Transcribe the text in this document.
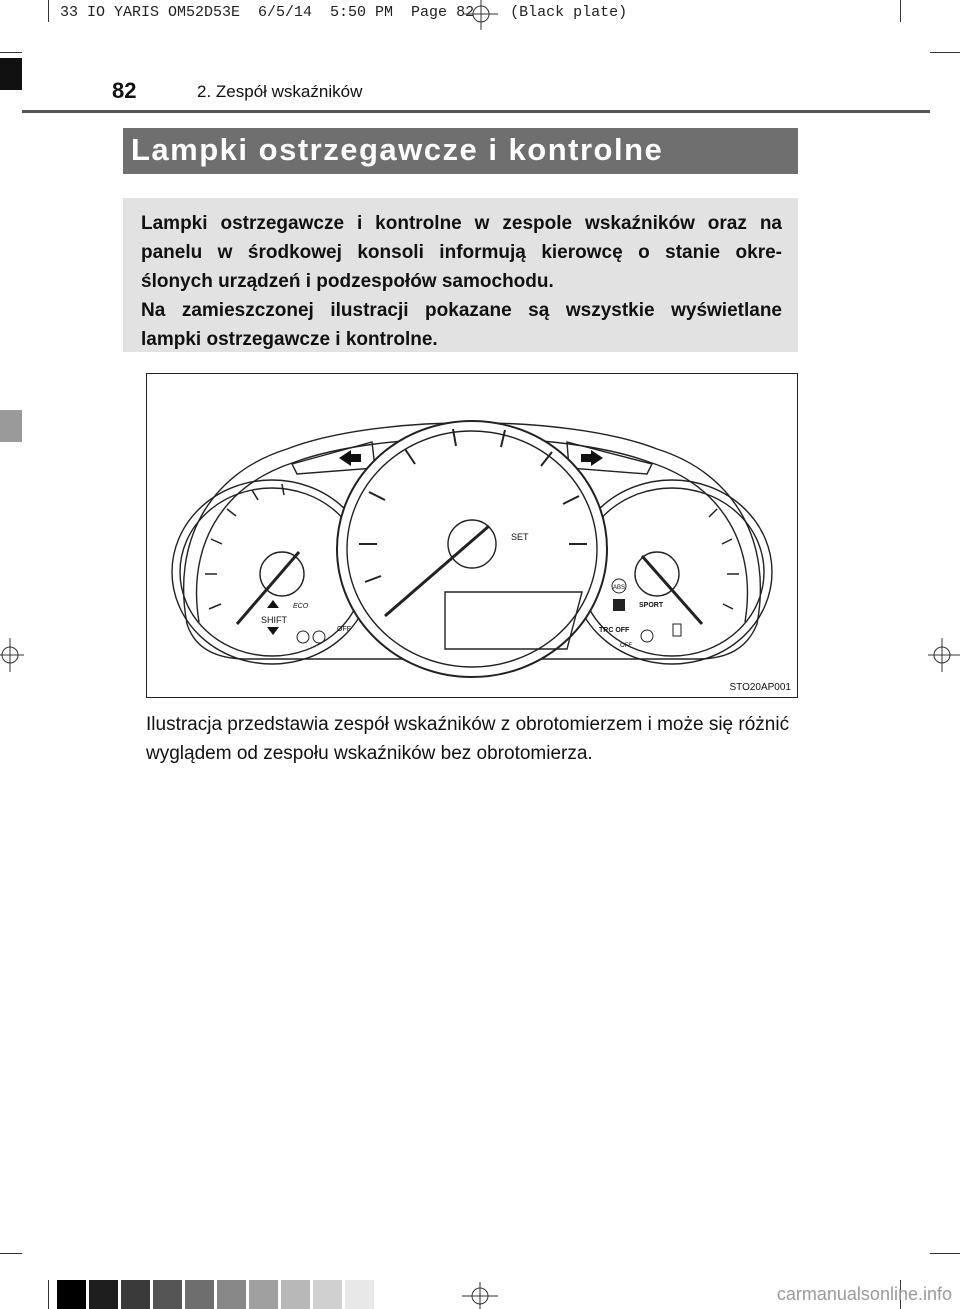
33 IO YARIS OM52D53E  6/5/14  5:50 PM  Page 82    (Black plate)
82	2. Zespół wskaźników
Lampki ostrzegawcze i kontrolne

Lampki ostrzegawcze i kontrolne w zespole wskaźników oraz na

panelu w środkowej konsoli informują kierowcę o stanie okre-

ślonych urządzeń i podzespołów samochodu.

Na zamieszczonej ilustracji pokazane są wszystkie wyświetlane

lampki ostrzegawcze i kontrolne.

SHIFT
ECO
OFF
SET
ABS
SPORT
TRC OFF
OFF
STO20AP001
Ilustracja przedstawia zespół wskaźników z obrotomierzem i może się różnić wyglądem od zespołu wskaźników bez obrotomierza.
carmanualsonline.info
